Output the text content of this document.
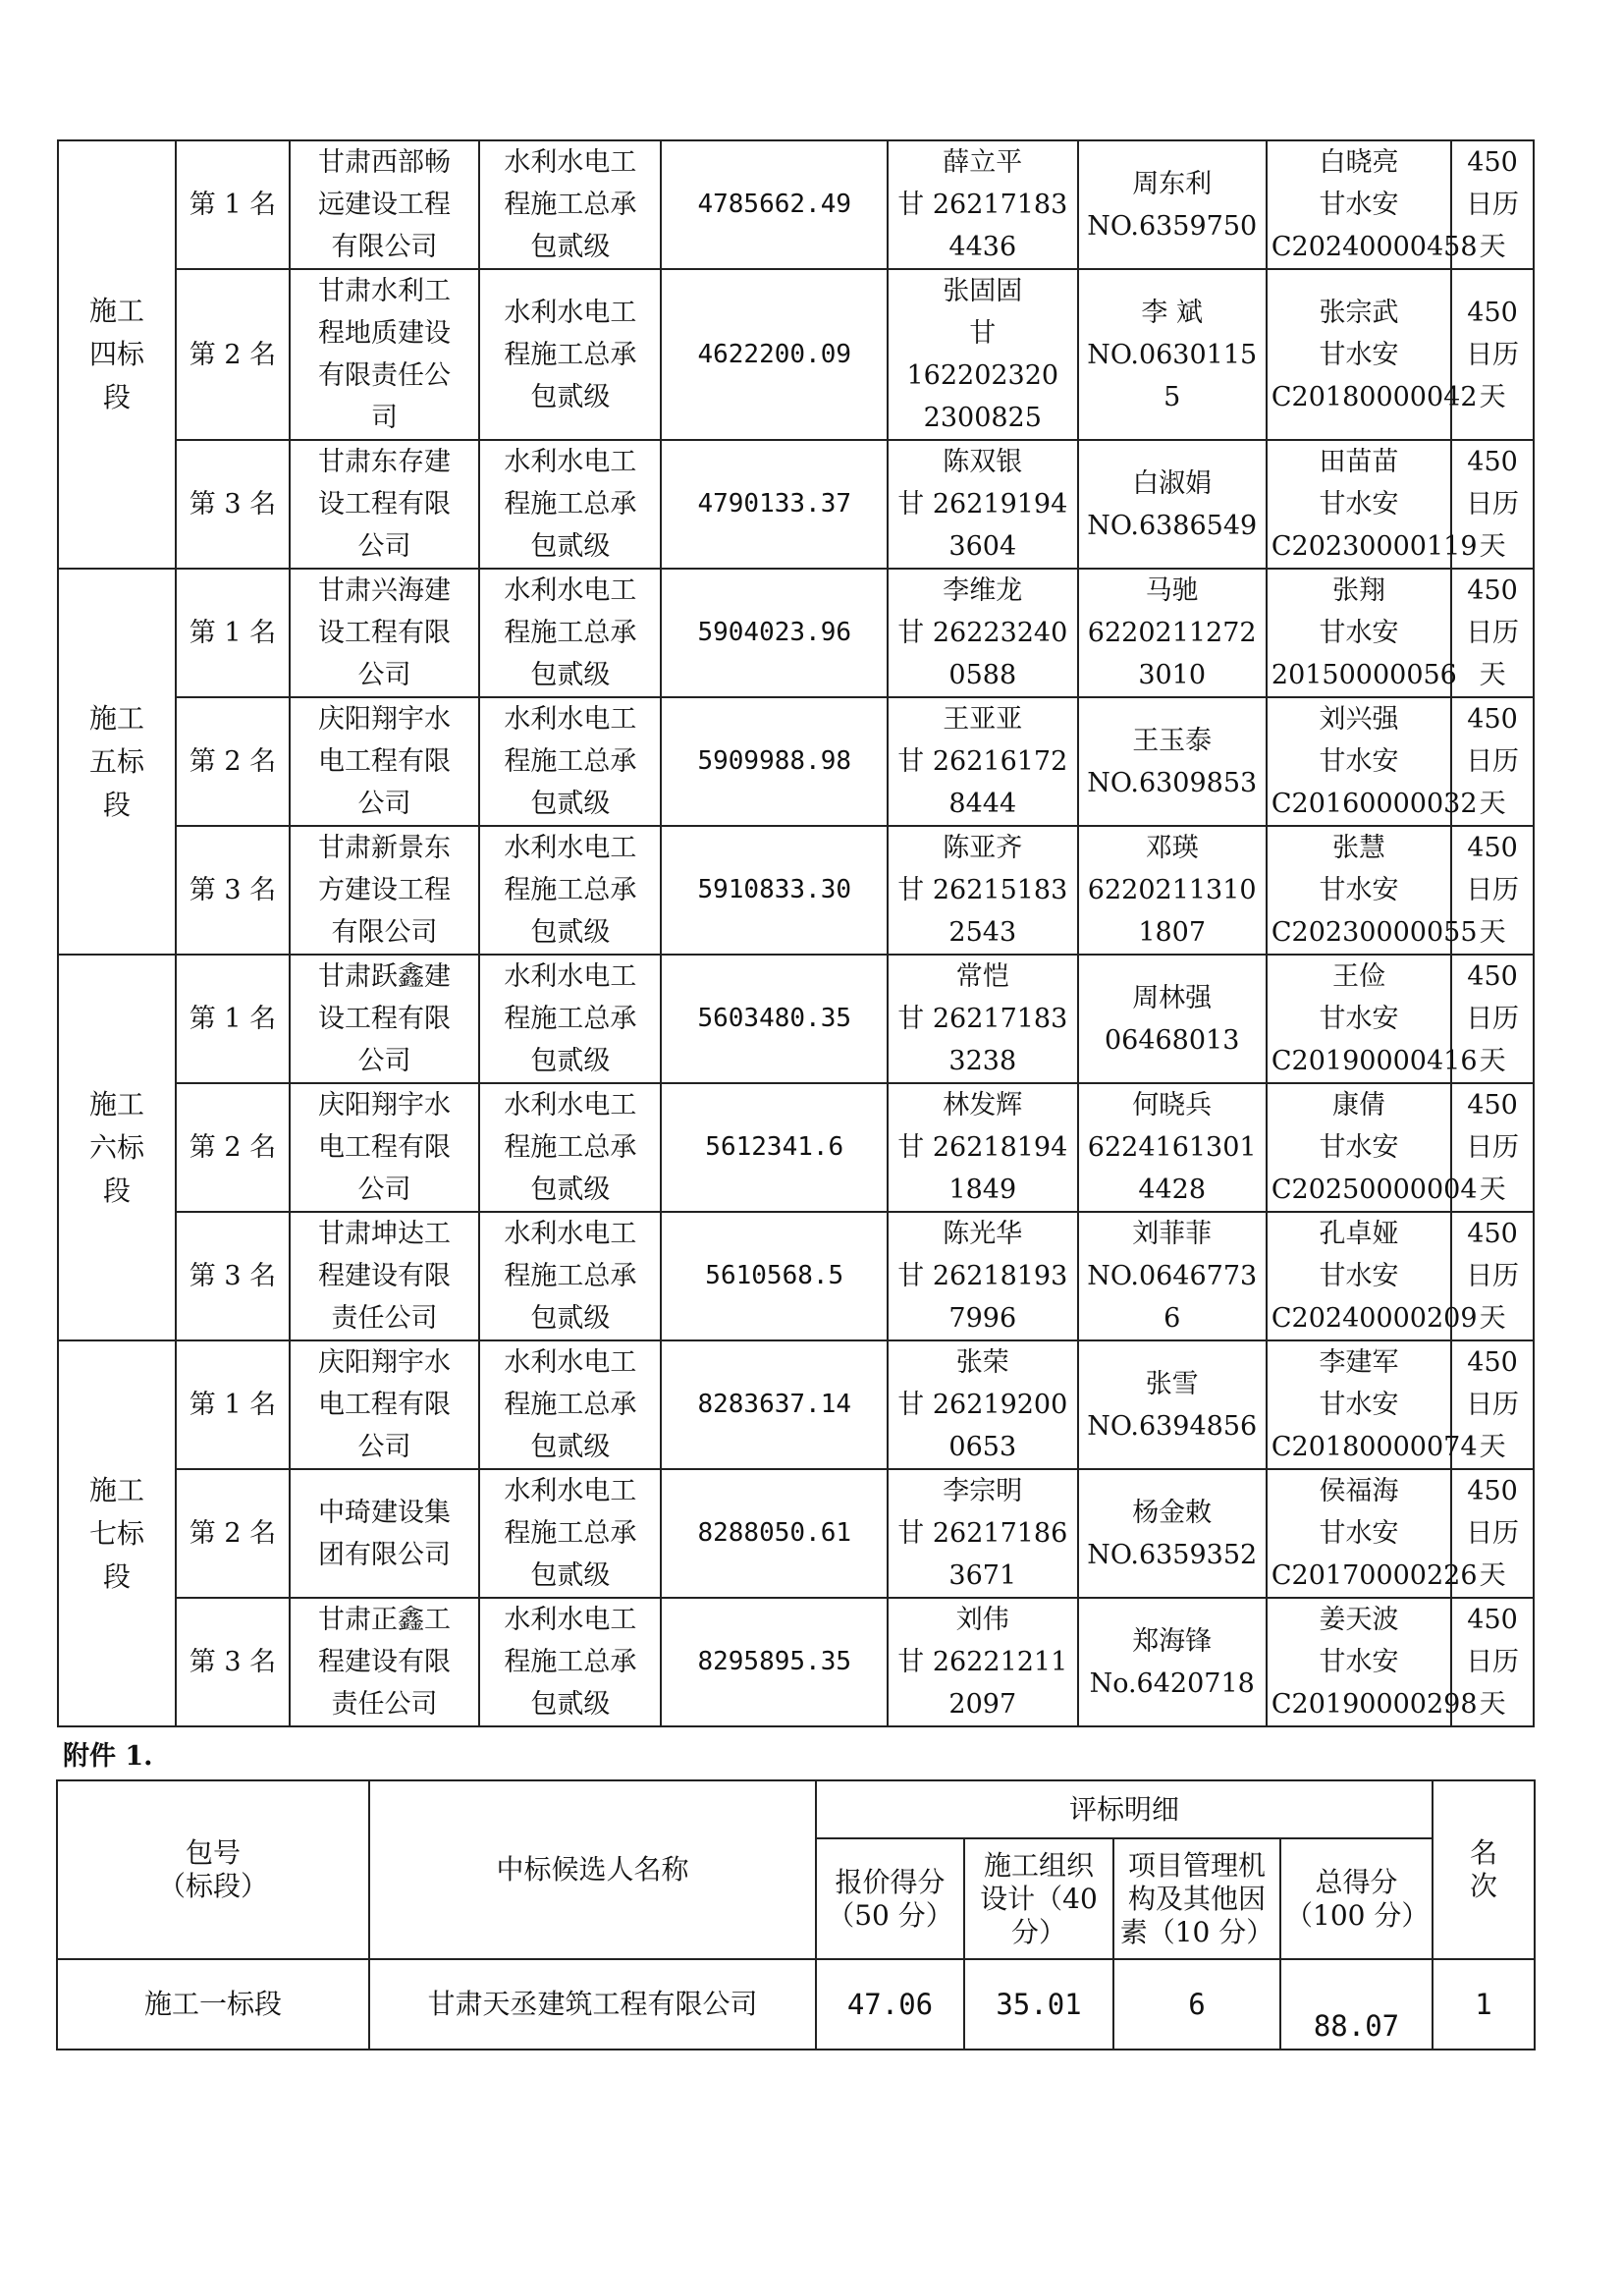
施工
四标
段	第 1 名	甘肃西部畅
远建设工程
有限公司	水利水电工
程施工总承
包贰级	4785662.49	薛立平
甘 26217183
4436	周东利
NO.6359750	白晓亮
甘水安
C20240000458	450
日历
天
	第 2 名	甘肃水利工
程地质建设
有限责任公
司	水利水电工
程施工总承
包贰级	4622200.09	张固固
甘 162202320
2300825	李 斌
NO.0630115
5	张宗武
甘水安
C20180000042	450
日历
天
	第 3 名	甘肃东存建
设工程有限
公司	水利水电工
程施工总承
包贰级	4790133.37	陈双银
甘 26219194
3604	白淑娟
NO.6386549	田苗苗
甘水安
C20230000119	450
日历
天
施工
五标
段	第 1 名	甘肃兴海建
设工程有限
公司	水利水电工
程施工总承
包贰级	5904023.96	李维龙
甘 26223240
0588	马驰
6220211272
3010	张翔
甘水安
20150000056	450
日历
天
	第 2 名	庆阳翔宇水
电工程有限
公司	水利水电工
程施工总承
包贰级	5909988.98	王亚亚
甘 26216172
8444	王玉泰
NO.6309853	刘兴强
甘水安
C20160000032	450
日历
天
	第 3 名	甘肃新景东
方建设工程
有限公司	水利水电工
程施工总承
包贰级	5910833.30	陈亚齐
甘 26215183
2543	邓瑛
6220211310
1807	张慧
甘水安
C20230000055	450
日历
天
施工
六标
段	第 1 名	甘肃跃鑫建
设工程有限
公司	水利水电工
程施工总承
包贰级	5603480.35	常恺
甘 26217183
3238	周林强
06468013	王俭
甘水安
C20190000416	450
日历
天
	第 2 名	庆阳翔宇水
电工程有限
公司	水利水电工
程施工总承
包贰级	5612341.6	林发辉
甘 26218194
1849	何晓兵
6224161301
4428	康倩
甘水安
C20250000004	450
日历
天
	第 3 名	甘肃坤达工
程建设有限
责任公司	水利水电工
程施工总承
包贰级	5610568.5	陈光华
甘 26218193
7996	刘菲菲
NO.0646773
6	孔卓娅
甘水安
C20240000209	450
日历
天
施工
七标
段	第 1 名	庆阳翔宇水
电工程有限
公司	水利水电工
程施工总承
包贰级	8283637.14	张荣
甘 26219200
0653	张雪
NO.6394856	李建军
甘水安
C20180000074	450
日历
天
	第 2 名	中琦建设集
团有限公司	水利水电工
程施工总承
包贰级	8288050.61	李宗明
甘 26217186
3671	杨金敕
NO.6359352	侯福海
甘水安
C20170000226	450
日历
天
	第 3 名	甘肃正鑫工
程建设有限
责任公司	水利水电工
程施工总承
包贰级	8295895.35	刘伟
甘 26221211
2097	郑海锋
No.6420718	姜天波
甘水安
C20190000298	450
日历
天
附件 1.
包号
（标段）	中标候选人名称	评标明细				名
次
		报价得分
（50 分）	施工组织
设计（40
分）	项目管理机
构及其他因
素（10 分）	总得分
（100 分）	
施工一标段	甘肃天丞建筑工程有限公司	47.06	35.01	6	88.07	1
